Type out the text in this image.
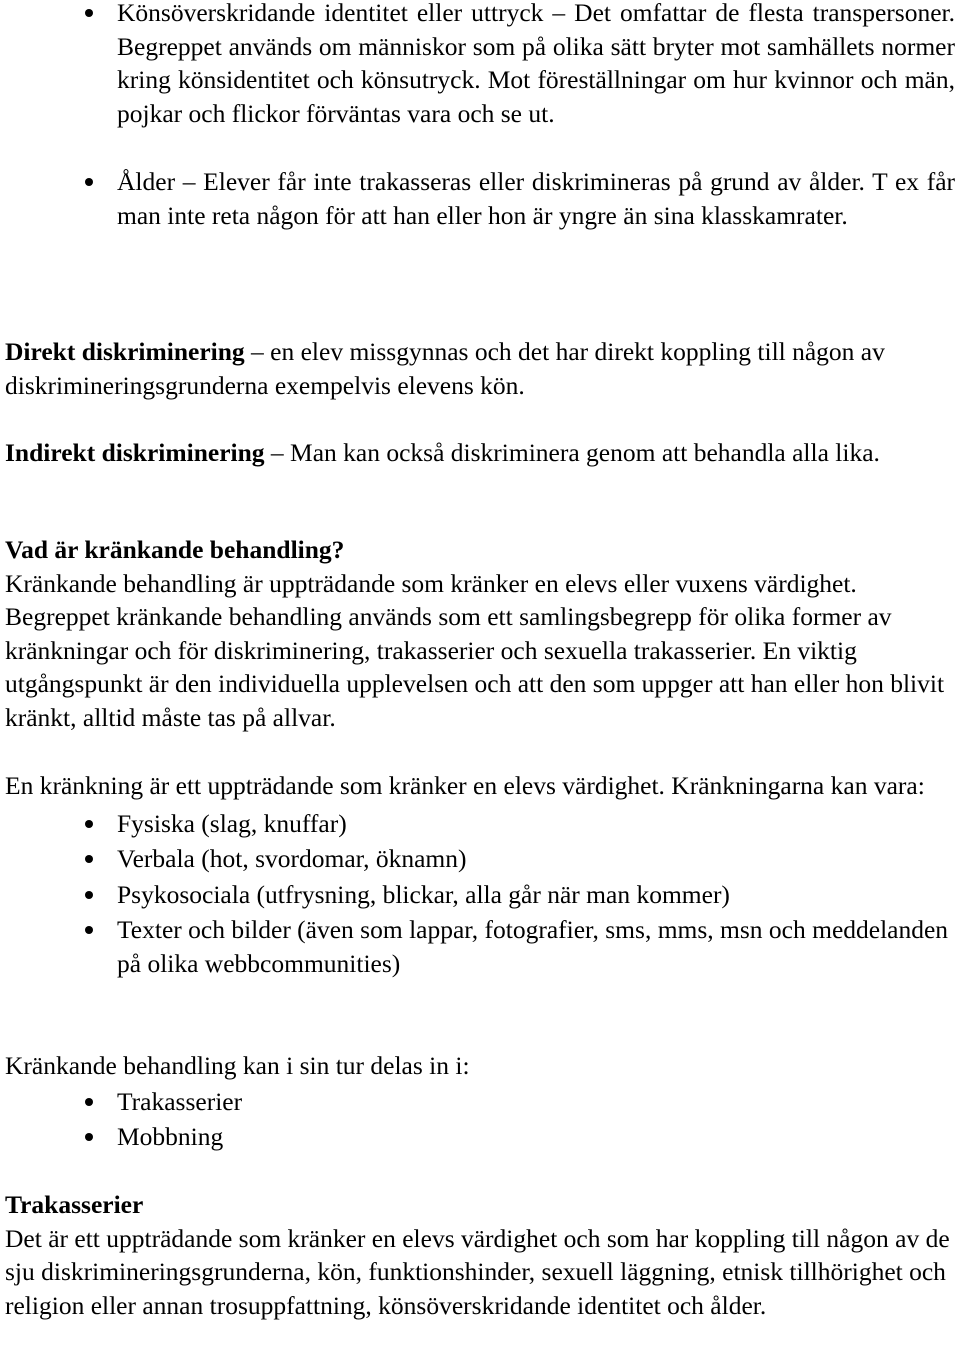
Könsöverskridande identitet eller uttryck – Det omfattar de flesta transpersoner. Begreppet används om människor som på olika sätt bryter mot samhällets normer kring könsidentitet och könsutryck. Mot föreställningar om hur kvinnor och män, pojkar och flickor förväntas vara och se ut.
Ålder – Elever får inte trakasseras eller diskrimineras på grund av ålder. T ex får man inte reta någon för att han eller hon är yngre än sina klasskamrater.

Direkt diskriminering – en elev missgynnas och det har direkt koppling till någon av diskrimineringsgrunderna exempelvis elevens kön.

Indirekt diskriminering – Man kan också diskriminera genom att behandla alla lika.

Vad är kränkande behandling?

Kränkande behandling är uppträdande som kränker en elevs eller vuxens värdighet. Begreppet kränkande behandling används som ett samlingsbegrepp för olika former av kränkningar och för diskriminering, trakasserier och sexuella trakasserier. En viktig utgångspunkt är den individuella upplevelsen och att den som uppger att han eller hon blivit kränkt, alltid måste tas på allvar.

En kränkning är ett uppträdande som kränker en elevs värdighet. Kränkningarna kan vara:

Fysiska (slag, knuffar)
Verbala (hot, svordomar, öknamn)
Psykosociala (utfrysning, blickar, alla går när man kommer)
Texter och bilder (även som lappar, fotografier, sms, mms, msn och meddelanden på olika webbcommunities)

Kränkande behandling kan i sin tur delas in i:

Trakasserier
Mobbning

Trakasserier

Det är ett uppträdande som kränker en elevs värdighet och som har koppling till någon av de sju diskrimineringsgrunderna, kön, funktionshinder, sexuell läggning, etnisk tillhörighet och religion eller annan trosuppfattning, könsöverskridande identitet och ålder.
